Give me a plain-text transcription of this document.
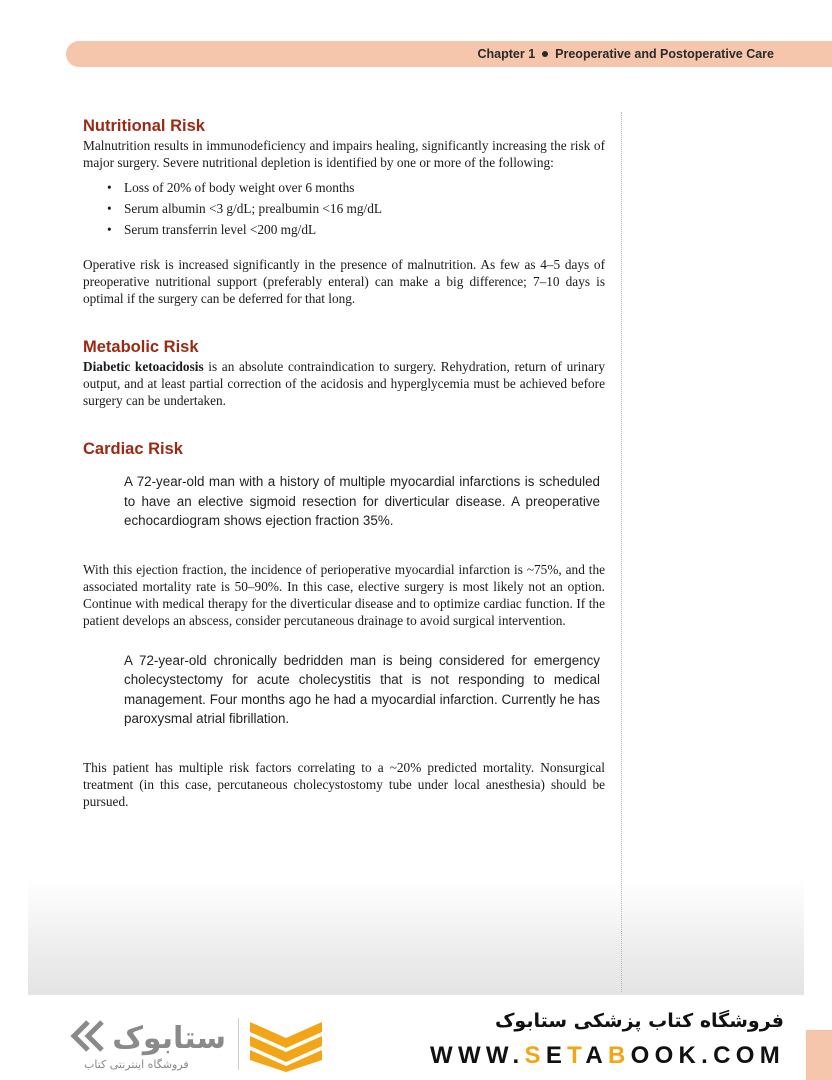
Chapter 1 Preoperative and Postoperative Care
Nutritional Risk

Malnutrition results in immunodeficiency and impairs healing, significantly increasing the risk of major surgery. Severe nutritional depletion is identified by one or more of the following:

• Loss of 20% of body weight over 6 months
• Serum albumin <3 g/dL; prealbumin <16 mg/dL
• Serum transferrin level <200 mg/dL

Operative risk is increased significantly in the presence of malnutrition. As few as 4–5 days of preoperative nutritional support (preferably enteral) can make a big difference; 7–10 days is optimal if the surgery can be deferred for that long.

Metabolic Risk

Diabetic ketoacidosis is an absolute contraindication to surgery. Rehydration, return of urinary output, and at least partial correction of the acidosis and hyperglycemia must be achieved before surgery can be undertaken.

Cardiac Risk

A 72-year-old man with a history of multiple myocardial infarctions is scheduled to have an elective sigmoid resection for diverticular disease. A preoperative echocardiogram shows ejection fraction 35%.

With this ejection fraction, the incidence of perioperative myocardial infarction is ~75%, and the associated mortality rate is 50–90%. In this case, elective surgery is most likely not an option. Continue with medical therapy for the diverticular disease and to optimize cardiac function. If the patient develops an abscess, consider percutaneous drainage to avoid surgical intervention.

A 72-year-old chronically bedridden man is being considered for emergency cholecystectomy for acute cholecystitis that is not responding to medical management. Four months ago he had a myocardial infarction. Currently he has paroxysmal atrial fibrillation.

This patient has multiple risk factors correlating to a ~20% predicted mortality. Nonsurgical treatment (in this case, percutaneous cholecystostomy tube under local anesthesia) should be pursued.

ستابوک
فروشگاه اینترنتی کتاب
فروشگاه کتاب پزشکی ستابوک
WWW.SETABOOK.COM
